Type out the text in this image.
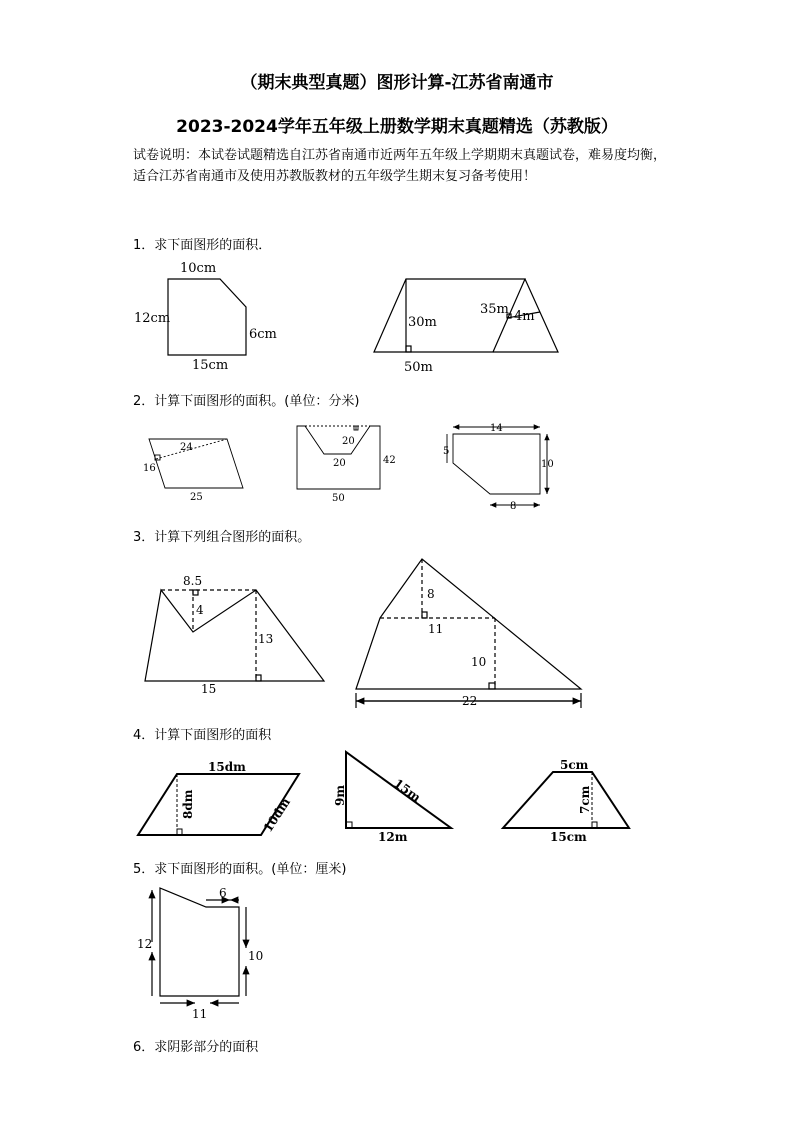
（期末典型真题）图形计算-江苏省南通市
2023-2024学年五年级上册数学期末真题精选（苏教版）
试卷说明：本试卷试题精选自江苏省南通市近两年五年级上学期期末真题试卷，难易度均衡，适合江苏省南通市及使用苏教版教材的五年级学生期末复习备考使用！
1．求下面图形的面积．
2．计算下面图形的面积。(单位：分米)
3．计算下列组合图形的面积。
4．计算下面图形的面积
5．求下面图形的面积。(单位：厘米)
6．求阴影部分的面积
10cm
12cm
6cm
15cm
30m
50m
35m 4m
24
16
25
20
20	42
50
14
5
10
8
8.5
4
13
15
8
11
10
22
15dm
8dm	10dm	9m	15m
12m
5cm
7cm
15cm
6
12
10
11
